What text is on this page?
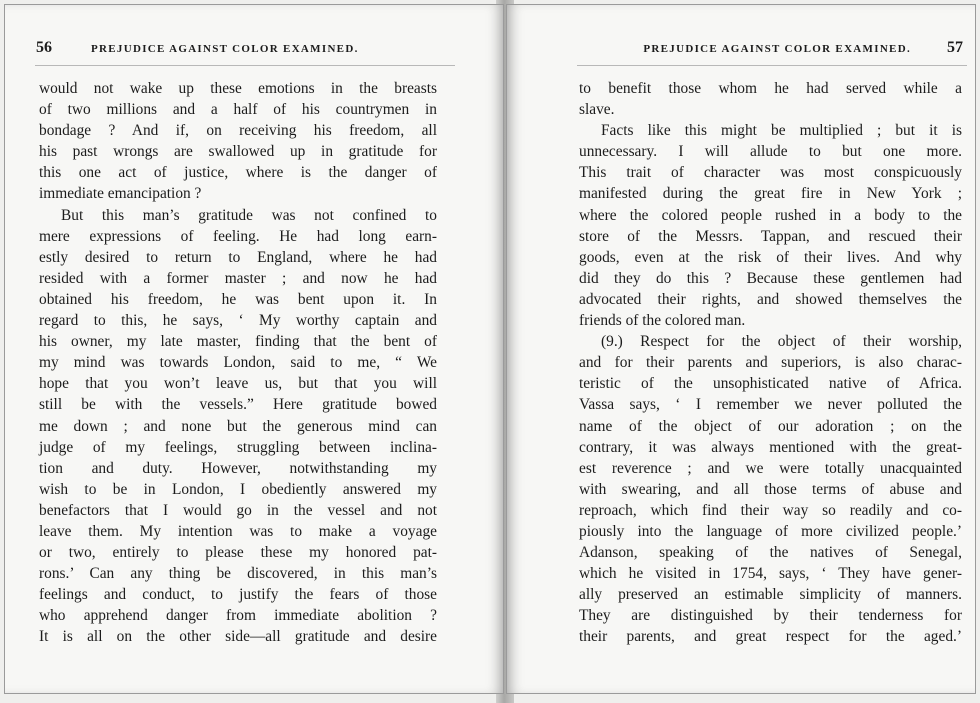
56	PREJUDICE AGAINST COLOR EXAMINED.
would not wake up these emotions in the breasts
of two millions and a half of his countrymen in
bondage ? And if, on receiving his freedom, all
his past wrongs are swallowed up in gratitude for
this one act of justice, where is the danger of
immediate emancipation ?
But this man’s gratitude was not confined to
mere expressions of feeling. He had long earn-
estly desired to return to England, where he had
resided with a former master ; and now he had
obtained his freedom, he was bent upon it. In
regard to this, he says, ‘ My worthy captain and
his owner, my late master, finding that the bent of
my mind was towards London, said to me, “ We
hope that you won’t leave us, but that you will
still be with the vessels.” Here gratitude bowed
me down ; and none but the generous mind can
judge of my feelings, struggling between inclina-
tion and duty. However, notwithstanding my
wish to be in London, I obediently answered my
benefactors that I would go in the vessel and not
leave them. My intention was to make a voyage
or two, entirely to please these my honored pat-
rons.’ Can any thing be discovered, in this man’s
feelings and conduct, to justify the fears of those
who apprehend danger from immediate abolition ?
It is all on the other side—all gratitude and desire
PREJUDICE AGAINST COLOR EXAMINED. 57
to benefit those whom he had served while a
slave.
Facts like this might be multiplied ; but it is
unnecessary. I will allude to but one more.
This trait of character was most conspicuously
manifested during the great fire in New York ;
where the colored people rushed in a body to the
store of the Messrs. Tappan, and rescued their
goods, even at the risk of their lives. And why
did they do this ? Because these gentlemen had
advocated their rights, and showed themselves the
friends of the colored man.
(9.) Respect for the object of their worship,
and for their parents and superiors, is also charac-
teristic of the unsophisticated native of Africa.
Vassa says, ‘ I remember we never polluted the
name of the object of our adoration ; on the
contrary, it was always mentioned with the great-
est reverence ; and we were totally unacquainted
with swearing, and all those terms of abuse and
reproach, which find their way so readily and co-
piously into the language of more civilized people.’
Adanson, speaking of the natives of Senegal,
which he visited in 1754, says, ‘ They have gener-
ally preserved an estimable simplicity of manners.
They are distinguished by their tenderness for
their parents, and great respect for the aged.’
